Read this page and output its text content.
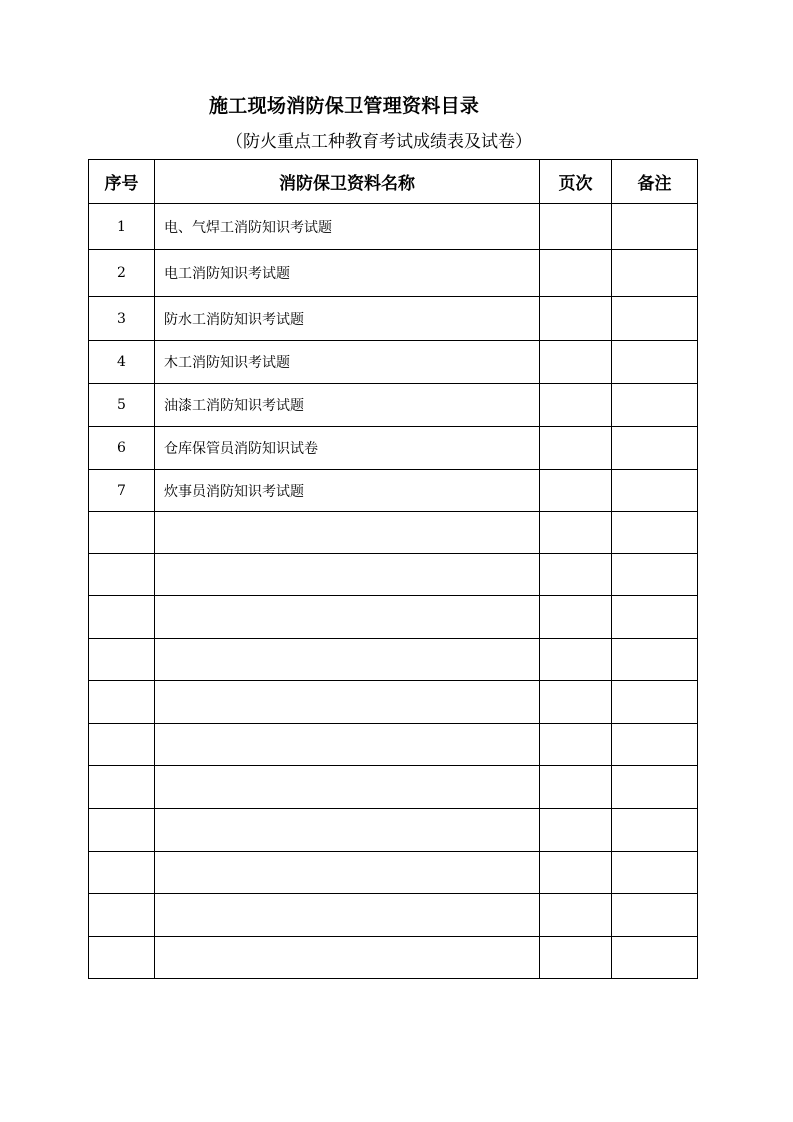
施工现场消防保卫管理资料目录
（防火重点工种教育考试成绩表及试卷）
序号	消防保卫资料名称	页次	备注
1	电、气焊工消防知识考试题		
2	电工消防知识考试题		
3	防水工消防知识考试题		
4	木工消防知识考试题		
5	油漆工消防知识考试题		
6	仓库保管员消防知识试卷		
7	炊事员消防知识考试题		
